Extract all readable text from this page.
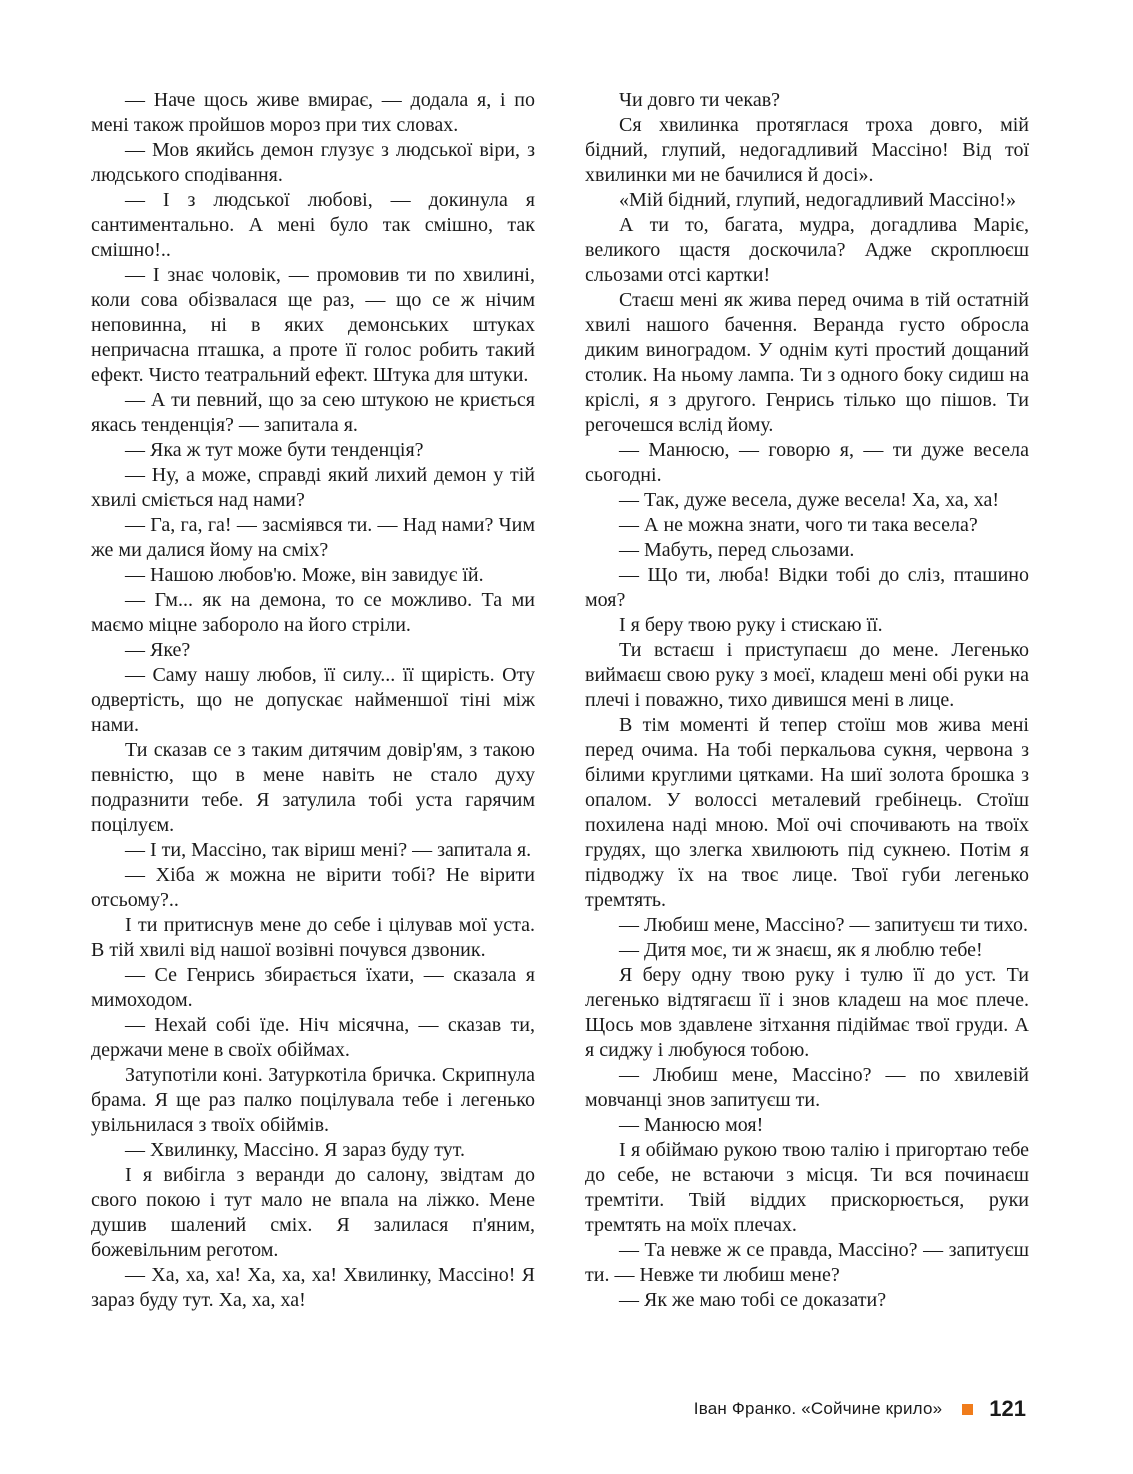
— Наче щось живе вмирає, — додала я, і по мені також пройшов мороз при тих словах.

— Мов якийсь демон глузує з людської віри, з людського сподівання.

— І з людської любові, — докинула я сантиментально. А мені було так смішно, так смішно!..

— І знає чоловік, — промовив ти по хвилині, коли сова обізвалася ще раз, — що се ж нічим неповинна, ні в яких демонських штуках непричасна пташка, а проте її голос робить такий ефект. Чисто театральний ефект. Штука для штуки.

— А ти певний, що за сею штукою не криється якась тенденція? — запитала я.

— Яка ж тут може бути тенденція?

— Ну, а може, справді який лихий демон у тій хвилі сміється над нами?

— Га, га, га! — засміявся ти. — Над нами? Чим же ми далися йому на сміх?

— Нашою любов'ю. Може, він завидує їй.

— Гм... як на демона, то се можливо. Та ми маємо міцне забороло на його стріли.

— Яке?

— Саму нашу любов, її силу... її щирість. Оту одвертість, що не допускає найменшої тіні між нами.

Ти сказав се з таким дитячим довір'ям, з такою певністю, що в мене навіть не стало духу подразнити тебе. Я затулила тобі уста гарячим поцілуєм.

— І ти, Массіно, так віриш мені? — запитала я.

— Хіба ж можна не вірити тобі? Не вірити отсьому?..

І ти притиснув мене до себе і цілував мої уста. В тій хвилі від нашої возівні почувся дзвоник.

— Се Генрись збирається їхати, — сказала я мимоходом.

— Нехай собі їде. Ніч місячна, — сказав ти, держачи мене в своїх обіймах.

Затупотіли коні. Затуркотіла бричка. Скрипнула брама. Я ще раз палко поцілувала тебе і легенько увільнилася з твоїх обіймів.

— Хвилинку, Массіно. Я зараз буду тут.

І я вибігла з веранди до салону, звідтам до свого покою і тут мало не впала на ліжко. Мене душив шалений сміх. Я залилася п'яним, божевільним реготом.

— Ха, ха, ха! Ха, ха, ха! Хвилинку, Массіно! Я зараз буду тут. Ха, ха, ха!

Чи довго ти чекав?

Ся хвилинка протяглася троха довго, мій бідний, глупий, недогадливий Массіно! Від тої хвилинки ми не бачилися й досі».

«Мій бідний, глупий, недогадливий Массіно!»

А ти то, багата, мудра, догадлива Маріє, великого щастя доскочила? Адже скроплюєш сльозами отсі картки!

Стаєш мені як жива перед очима в тій остатній хвилі нашого бачення. Веранда густо обросла диким виноградом. У однім куті простий дощаний столик. На ньому лампа. Ти з одного боку сидиш на кріслі, я з другого. Генрись тілько що пішов. Ти регочешся вслід йому.

— Манюсю, — говорю я, — ти дуже весела сьогодні.

— Так, дуже весела, дуже весела! Ха, ха, ха!

— А не можна знати, чого ти така весела?

— Мабуть, перед сльозами.

— Що ти, люба! Відки тобі до сліз, пташино моя?

І я беру твою руку і стискаю її.

Ти встаєш і приступаєш до мене. Легенько виймаєш свою руку з моєї, кладеш мені обі руки на плечі і поважно, тихо дивишся мені в лице.

В тім моменті й тепер стоїш мов жива мені перед очима. На тобі перкальова сукня, червона з білими круглими цятками. На шиї золота брошка з опалом. У волоссі металевий гребінець. Стоїш похилена наді мною. Мої очі спочивають на твоїх грудях, що злегка хвилюють під сукнею. Потім я підводжу їх на твоє лице. Твої губи легенько тремтять.

— Любиш мене, Массіно? — запитуєш ти тихо.

— Дитя моє, ти ж знаєш, як я люблю тебе!

Я беру одну твою руку і тулю її до уст. Ти легенько відтягаєш її і знов кладеш на моє плече. Щось мов здавлене зітхання підіймає твої груди. А я сиджу і любуюся тобою.

— Любиш мене, Массіно? — по хвилевій мовчанці знов запитуєш ти.

— Манюсю моя!

І я обіймаю рукою твою талію і пригортаю тебе до себе, не встаючи з місця. Ти вся починаєш тремтіти. Твій віддих прискорюється, руки тремтять на моїх плечах.

— Та невже ж се правда, Массіно? — запитуєш ти. — Невже ти любиш мене?

— Як же маю тобі се доказати?

Іван Франко. «Сойчине крило» 121
